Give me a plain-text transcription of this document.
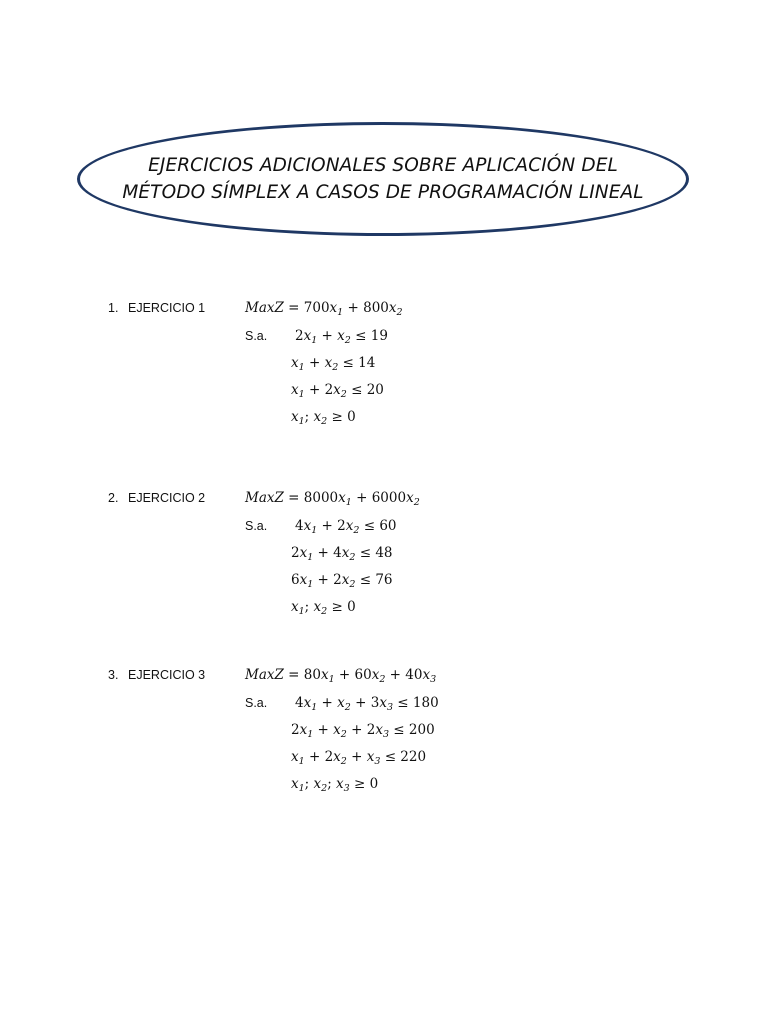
EJERCICIOS ADICIONALES SOBRE APLICACIÓN DEL
MÉTODO SÍMPLEX A CASOS DE PROGRAMACIÓN LINEAL
1. EJERCICIO 1	MaxZ = $700x_1 + 800x_2$
S.a. $2x_1 + x_2 \le 19$
$x_1 + x_2 \le 14$
$x_1 + 2x_2 \le 20$
$x_1$; $x_2 \ge 0$
2. EJERCICIO 2	MaxZ = $8000x_1 + 6000x_2$
S.a. $4x_1 + 2x_2 \le 60$
$2x_1 + 4x_2 \le 48$
$6x_1 + 2x_2 \le 76$
$x_1$; $x_2 \ge 0$
3. EJERCICIO 3	MaxZ = $80x_1 + 60x_2 + 40x_3$
S.a. $4x_1 + x_2 + 3x_3 \le 180$
$2x_1 + x_2 + 2x_3 \le 200$
$x_1 + 2x_2 + x_3 \le 220$
$x_1$; $x_2$; $x_3 \ge 0$
